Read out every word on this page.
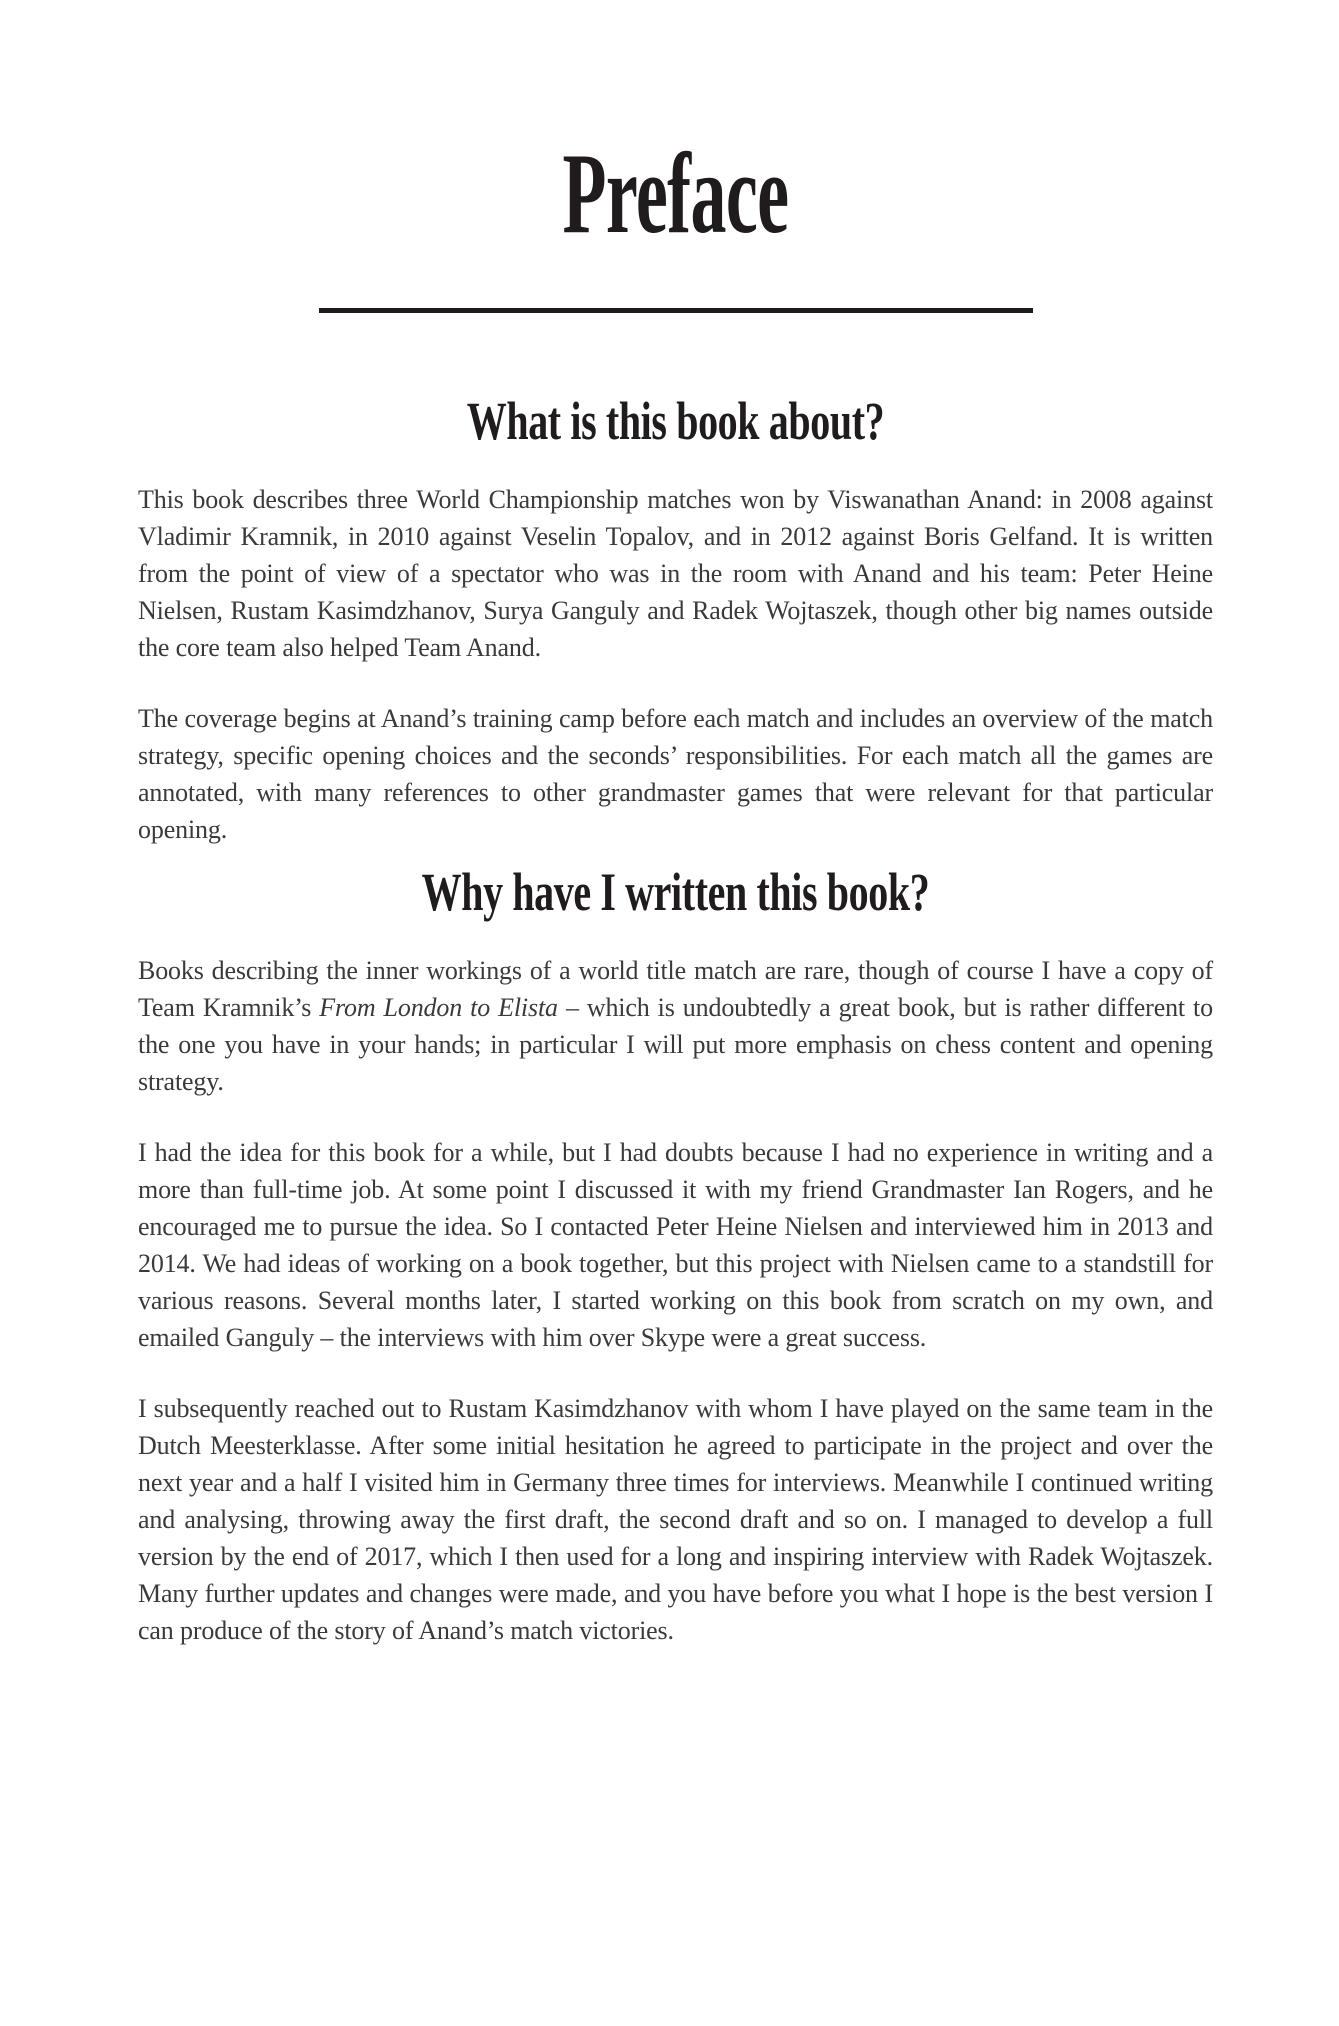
Preface
What is this book about?

This book describes three World Championship matches won by Viswanathan Anand: in 2008 against Vladimir Kramnik, in 2010 against Veselin Topalov, and in 2012 against Boris Gelfand. It is written from the point of view of a spectator who was in the room with Anand and his team: Peter Heine Nielsen, Rustam Kasimdzhanov, Surya Ganguly and Radek Wojtaszek, though other big names outside the core team also helped Team Anand.

The coverage begins at Anand’s training camp before each match and includes an overview of the match strategy, specific opening choices and the seconds’ responsibilities. For each match all the games are annotated, with many references to other grandmaster games that were relevant for that particular opening.

Why have I written this book?

Books describing the inner workings of a world title match are rare, though of course I have a copy of Team Kramnik’s From London to Elista – which is undoubtedly a great book, but is rather different to the one you have in your hands; in particular I will put more emphasis on chess content and opening strategy.

I had the idea for this book for a while, but I had doubts because I had no experience in writing and a more than full-time job. At some point I discussed it with my friend Grandmaster Ian Rogers, and he encouraged me to pursue the idea. So I contacted Peter Heine Nielsen and interviewed him in 2013 and 2014. We had ideas of working on a book together, but this project with Nielsen came to a standstill for various reasons. Several months later, I started working on this book from scratch on my own, and emailed Ganguly – the interviews with him over Skype were a great success.

I subsequently reached out to Rustam Kasimdzhanov with whom I have played on the same team in the Dutch Meesterklasse. After some initial hesitation he agreed to participate in the project and over the next year and a half I visited him in Germany three times for interviews. Meanwhile I continued writing and analysing, throwing away the first draft, the second draft and so on. I managed to develop a full version by the end of 2017, which I then used for a long and inspiring interview with Radek Wojtaszek. Many further updates and changes were made, and you have before you what I hope is the best version I can produce of the story of Anand’s match victories.
